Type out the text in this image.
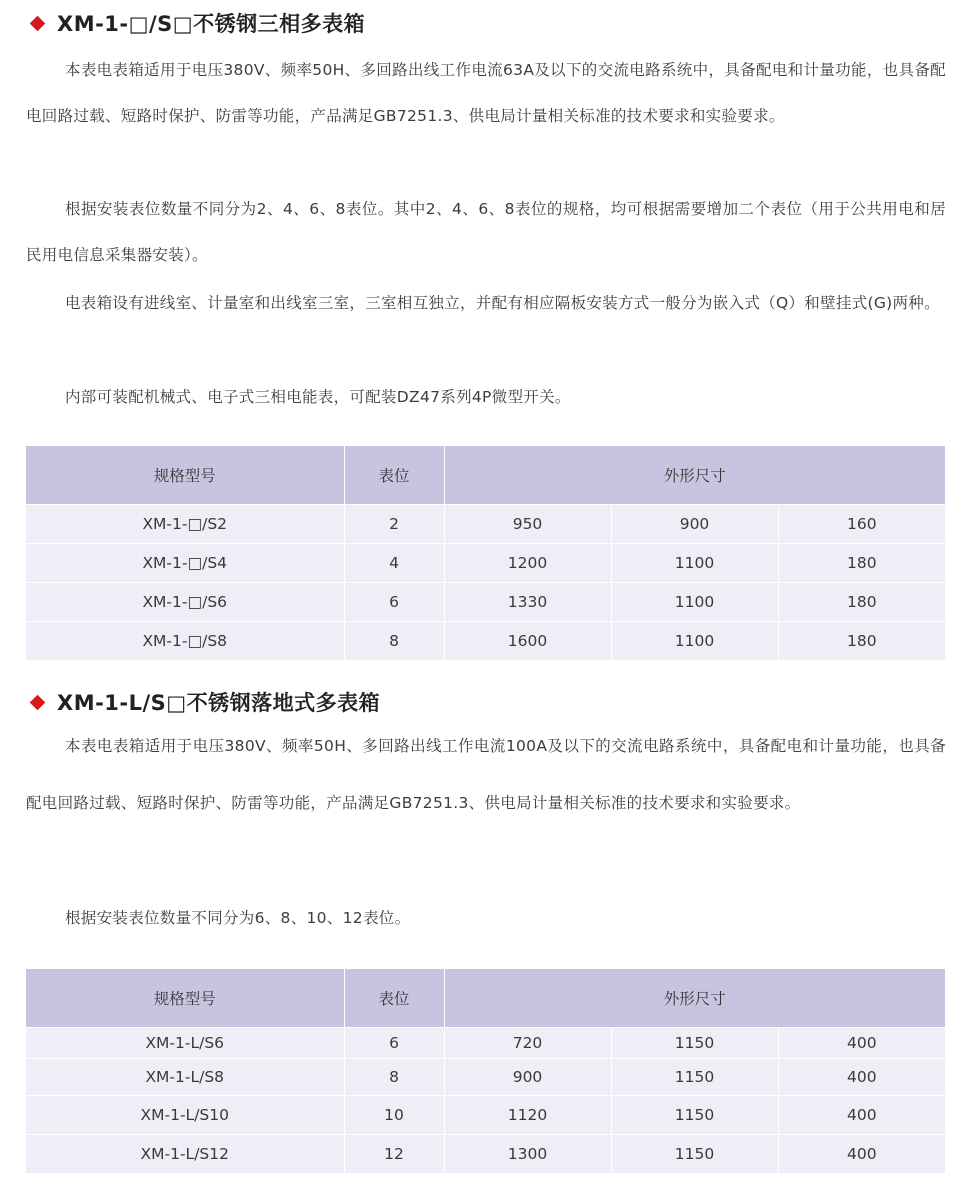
XM-1-□/S□不锈钢三相多表箱

本表电表箱适用于电压380V、频率50H、多回路出线工作电流63A及以下的交流电路系统中，具备配电和计量功能，也具备配电回路过载、短路时保护、防雷等功能，产品满足GB7251.3、供电局计量相关标准的技术要求和实验要求。

根据安装表位数量不同分为2、4、6、8表位。其中2、4、6、8表位的规格，均可根据需要增加二个表位（用于公共用电和居民用电信息采集器安装）。

电表箱设有进线室、计量室和出线室三室，三室相互独立，并配有相应隔板安装方式一般分为嵌入式（Q）和壁挂式(G)两种。

内部可装配机械式、电子式三相电能表，可配装DZ47系列4P微型开关。

规格型号	表位	外形尺寸		
XM-1-□/S2	2	950	900	160
XM-1-□/S4	4	1200	1100	180
XM-1-□/S6	6	1330	1100	180
XM-1-□/S8	8	1600	1100	180
XM-1-L/S□不锈钢落地式多表箱

本表电表箱适用于电压380V、频率50H、多回路出线工作电流100A及以下的交流电路系统中，具备配电和计量功能，也具备配电回路过载、短路时保护、防雷等功能，产品满足GB7251.3、供电局计量相关标准的技术要求和实验要求。

根据安装表位数量不同分为6、8、10、12表位。

规格型号	表位	外形尺寸		
XM-1-L/S6	6	720	1150	400
XM-1-L/S8	8	900	1150	400
XM-1-L/S10	10	1120	1150	400
XM-1-L/S12	12	1300	1150	400
